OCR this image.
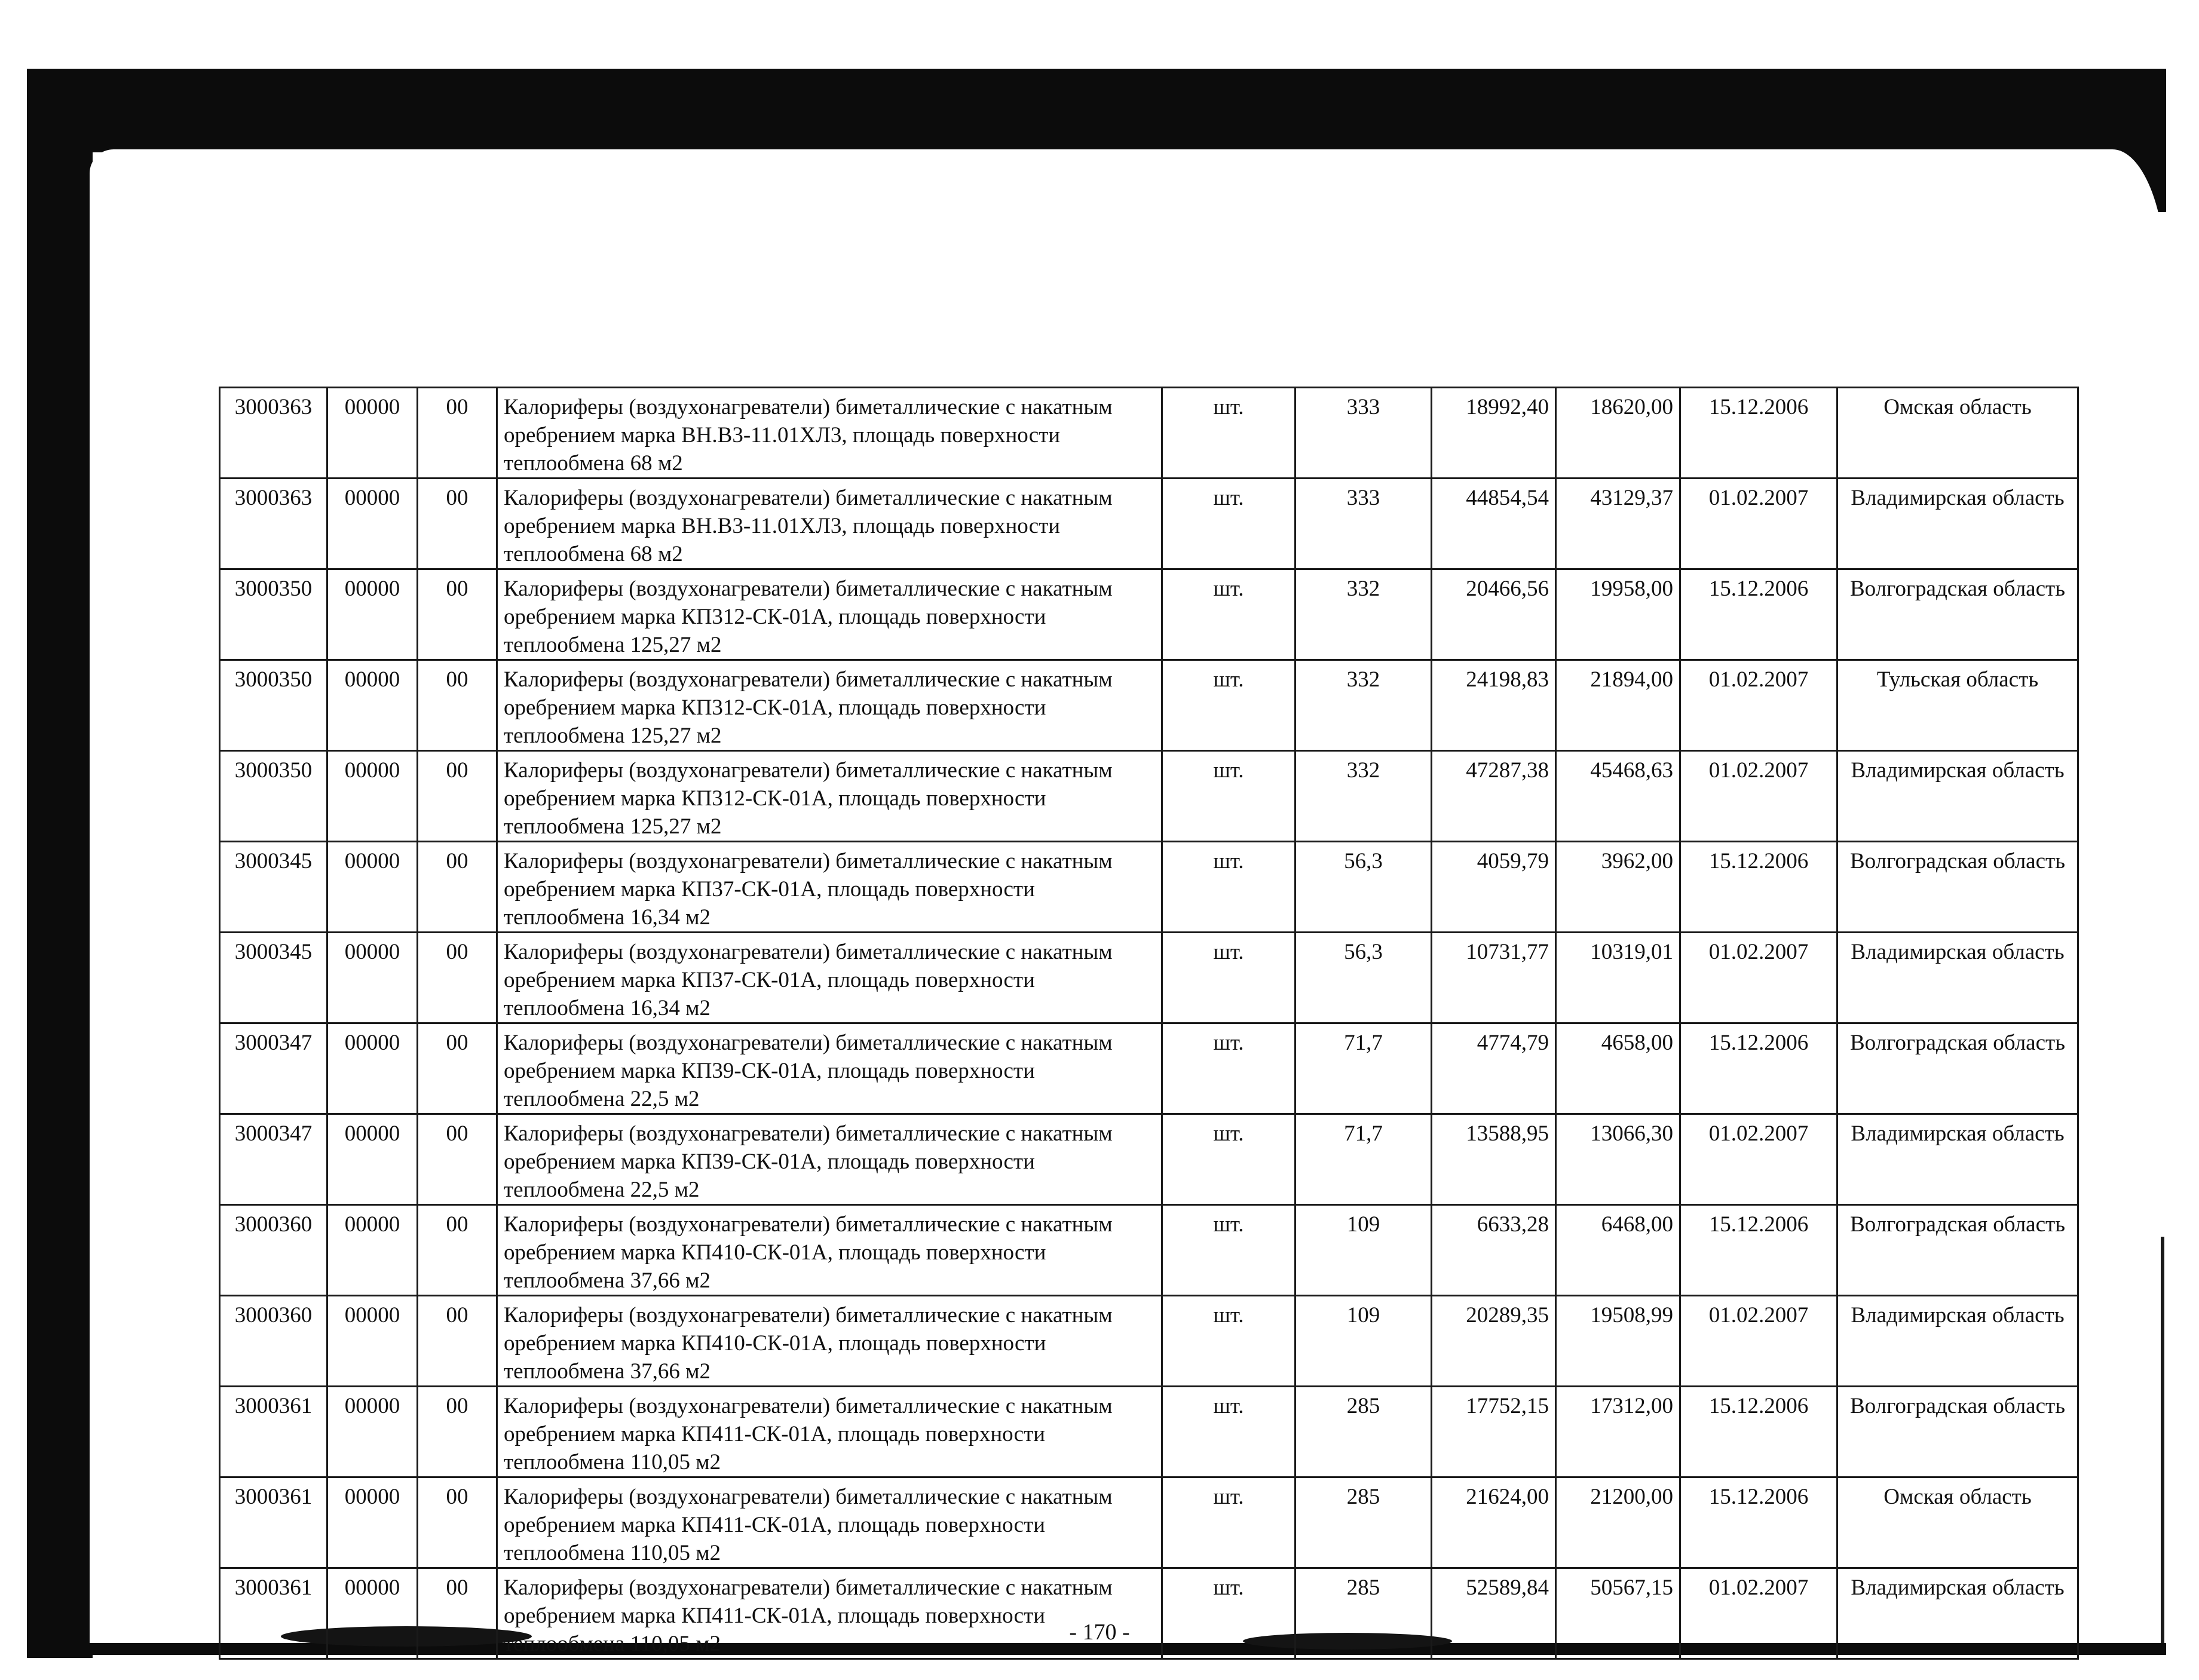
3000363	00000	00	Калориферы (воздухонагреватели) биметаллические с накатным оребрением марка ВН.В3-11.01ХЛ3, площадь поверхности теплообмена 68 м2	шт.	333	18992,40	18620,00	15.12.2006	Омская область
3000363	00000	00	Калориферы (воздухонагреватели) биметаллические с накатным оребрением марка ВН.В3-11.01ХЛ3, площадь поверхности теплообмена 68 м2	шт.	333	44854,54	43129,37	01.02.2007	Владимирская область
3000350	00000	00	Калориферы (воздухонагреватели) биметаллические с накатным оребрением марка КП312-СК-01А, площадь поверхности теплообмена 125,27 м2	шт.	332	20466,56	19958,00	15.12.2006	Волгоградская область
3000350	00000	00	Калориферы (воздухонагреватели) биметаллические с накатным оребрением марка КП312-СК-01А, площадь поверхности теплообмена 125,27 м2	шт.	332	24198,83	21894,00	01.02.2007	Тульская область
3000350	00000	00	Калориферы (воздухонагреватели) биметаллические с накатным оребрением марка КП312-СК-01А, площадь поверхности теплообмена 125,27 м2	шт.	332	47287,38	45468,63	01.02.2007	Владимирская область
3000345	00000	00	Калориферы (воздухонагреватели) биметаллические с накатным оребрением марка КП37-СК-01А, площадь поверхности теплообмена 16,34 м2	шт.	56,3	4059,79	3962,00	15.12.2006	Волгоградская область
3000345	00000	00	Калориферы (воздухонагреватели) биметаллические с накатным оребрением марка КП37-СК-01А, площадь поверхности теплообмена 16,34 м2	шт.	56,3	10731,77	10319,01	01.02.2007	Владимирская область
3000347	00000	00	Калориферы (воздухонагреватели) биметаллические с накатным оребрением марка КП39-СК-01А, площадь поверхности теплообмена 22,5 м2	шт.	71,7	4774,79	4658,00	15.12.2006	Волгоградская область
3000347	00000	00	Калориферы (воздухонагреватели) биметаллические с накатным оребрением марка КП39-СК-01А, площадь поверхности теплообмена 22,5 м2	шт.	71,7	13588,95	13066,30	01.02.2007	Владимирская область
3000360	00000	00	Калориферы (воздухонагреватели) биметаллические с накатным оребрением марка КП410-СК-01А, площадь поверхности теплообмена 37,66 м2	шт.	109	6633,28	6468,00	15.12.2006	Волгоградская область
3000360	00000	00	Калориферы (воздухонагреватели) биметаллические с накатным оребрением марка КП410-СК-01А, площадь поверхности теплообмена 37,66 м2	шт.	109	20289,35	19508,99	01.02.2007	Владимирская область
3000361	00000	00	Калориферы (воздухонагреватели) биметаллические с накатным оребрением марка КП411-СК-01А, площадь поверхности теплообмена 110,05 м2	шт.	285	17752,15	17312,00	15.12.2006	Волгоградская область
3000361	00000	00	Калориферы (воздухонагреватели) биметаллические с накатным оребрением марка КП411-СК-01А, площадь поверхности теплообмена 110,05 м2	шт.	285	21624,00	21200,00	15.12.2006	Омская область
3000361	00000	00	Калориферы (воздухонагреватели) биметаллические с накатным оребрением марка КП411-СК-01А, площадь поверхности теплообмена 110,05 м2	шт.	285	52589,84	50567,15	01.02.2007	Владимирская область
- 170 -
